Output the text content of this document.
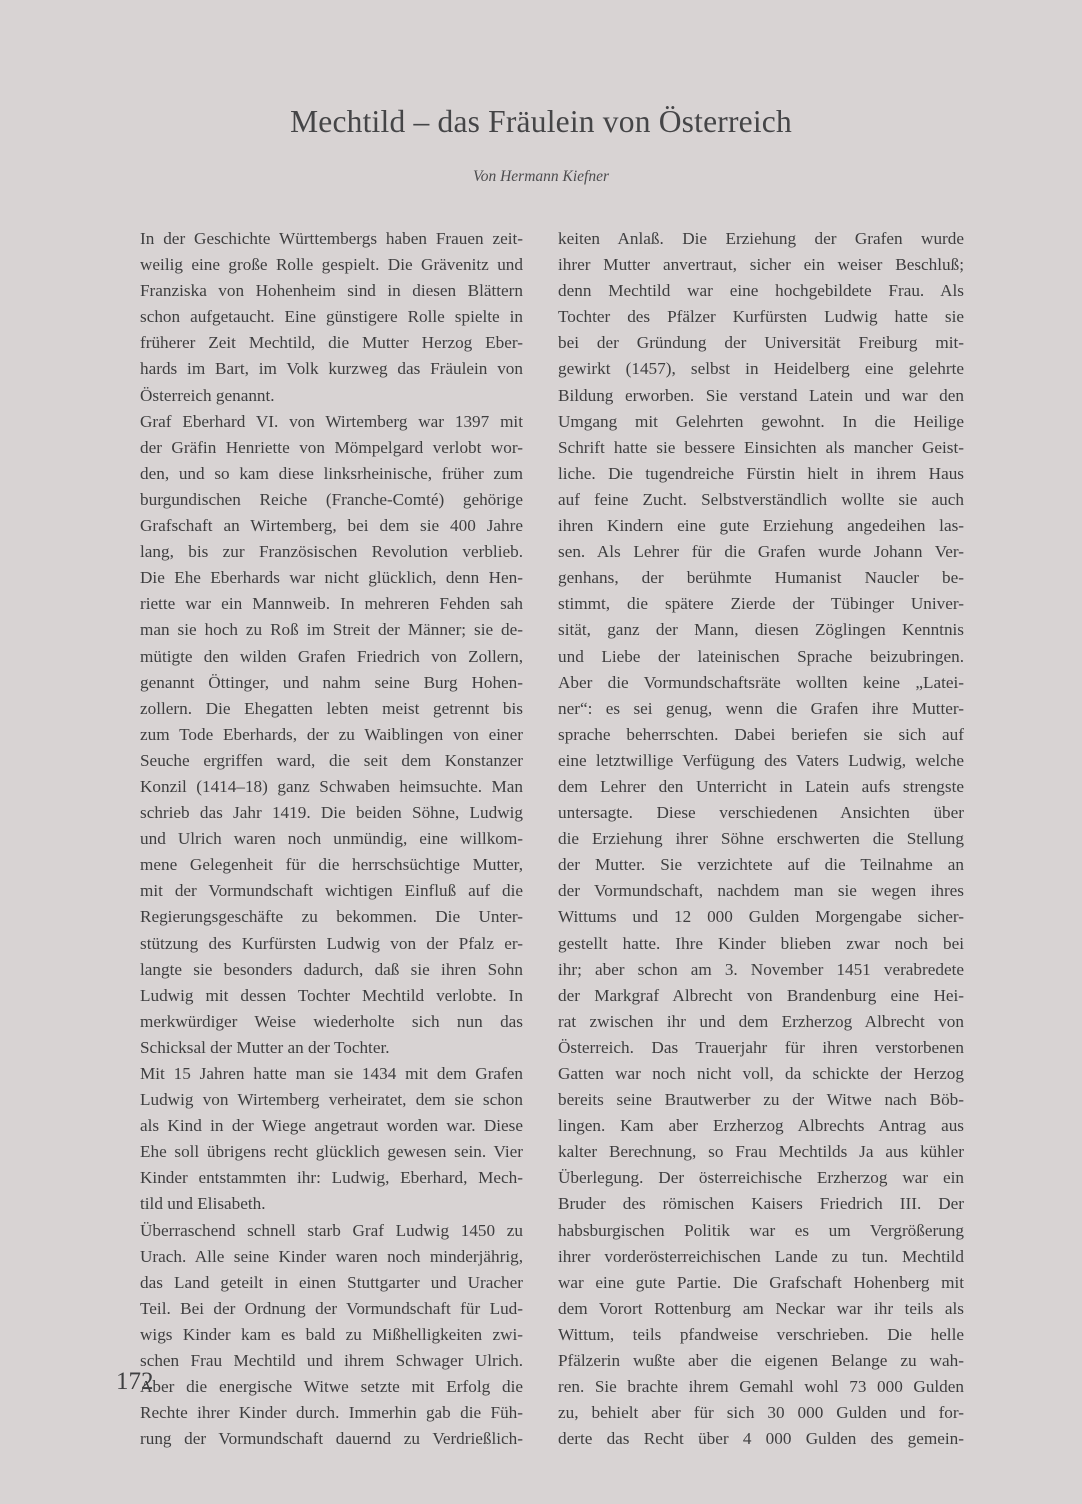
Mechtild – das Fräulein von Österreich
Von Hermann Kiefner
In der Geschichte Württembergs haben Frauen zeit-
weilig eine große Rolle gespielt. Die Grävenitz und
Franziska von Hohenheim sind in diesen Blättern
schon aufgetaucht. Eine günstigere Rolle spielte in
früherer Zeit Mechtild, die Mutter Herzog Eber-
hards im Bart, im Volk kurzweg das Fräulein von
Österreich genannt.
Graf Eberhard VI. von Wirtemberg war 1397 mit
der Gräfin Henriette von Mömpelgard verlobt wor-
den, und so kam diese linksrheinische, früher zum
burgundischen Reiche (Franche-Comté) gehörige
Grafschaft an Wirtemberg, bei dem sie 400 Jahre
lang, bis zur Französischen Revolution verblieb.
Die Ehe Eberhards war nicht glücklich, denn Hen-
riette war ein Mannweib. In mehreren Fehden sah
man sie hoch zu Roß im Streit der Männer; sie de-
mütigte den wilden Grafen Friedrich von Zollern,
genannt Öttinger, und nahm seine Burg Hohen-
zollern. Die Ehegatten lebten meist getrennt bis
zum Tode Eberhards, der zu Waiblingen von einer
Seuche ergriffen ward, die seit dem Konstanzer
Konzil (1414–18) ganz Schwaben heimsuchte. Man
schrieb das Jahr 1419. Die beiden Söhne, Ludwig
und Ulrich waren noch unmündig, eine willkom-
mene Gelegenheit für die herrschsüchtige Mutter,
mit der Vormundschaft wichtigen Einfluß auf die
Regierungsgeschäfte zu bekommen. Die Unter-
stützung des Kurfürsten Ludwig von der Pfalz er-
langte sie besonders dadurch, daß sie ihren Sohn
Ludwig mit dessen Tochter Mechtild verlobte. In
merkwürdiger Weise wiederholte sich nun das
Schicksal der Mutter an der Tochter.
Mit 15 Jahren hatte man sie 1434 mit dem Grafen
Ludwig von Wirtemberg verheiratet, dem sie schon
als Kind in der Wiege angetraut worden war. Diese
Ehe soll übrigens recht glücklich gewesen sein. Vier
Kinder entstammten ihr: Ludwig, Eberhard, Mech-
tild und Elisabeth.
Überraschend schnell starb Graf Ludwig 1450 zu
Urach. Alle seine Kinder waren noch minderjährig,
das Land geteilt in einen Stuttgarter und Uracher
Teil. Bei der Ordnung der Vormundschaft für Lud-
wigs Kinder kam es bald zu Mißhelligkeiten zwi-
schen Frau Mechtild und ihrem Schwager Ulrich.
Aber die energische Witwe setzte mit Erfolg die
Rechte ihrer Kinder durch. Immerhin gab die Füh-
rung der Vormundschaft dauernd zu Verdrießlich-
keiten Anlaß. Die Erziehung der Grafen wurde
ihrer Mutter anvertraut, sicher ein weiser Beschluß;
denn Mechtild war eine hochgebildete Frau. Als
Tochter des Pfälzer Kurfürsten Ludwig hatte sie
bei der Gründung der Universität Freiburg mit-
gewirkt (1457), selbst in Heidelberg eine gelehrte
Bildung erworben. Sie verstand Latein und war den
Umgang mit Gelehrten gewohnt. In die Heilige
Schrift hatte sie bessere Einsichten als mancher Geist-
liche. Die tugendreiche Fürstin hielt in ihrem Haus
auf feine Zucht. Selbstverständlich wollte sie auch
ihren Kindern eine gute Erziehung angedeihen las-
sen. Als Lehrer für die Grafen wurde Johann Ver-
genhans, der berühmte Humanist Naucler be-
stimmt, die spätere Zierde der Tübinger Univer-
sität, ganz der Mann, diesen Zöglingen Kenntnis
und Liebe der lateinischen Sprache beizubringen.
Aber die Vormundschaftsräte wollten keine „Latei-
ner“: es sei genug, wenn die Grafen ihre Mutter-
sprache beherrschten. Dabei beriefen sie sich auf
eine letztwillige Verfügung des Vaters Ludwig, welche
dem Lehrer den Unterricht in Latein aufs strengste
untersagte. Diese verschiedenen Ansichten über
die Erziehung ihrer Söhne erschwerten die Stellung
der Mutter. Sie verzichtete auf die Teilnahme an
der Vormundschaft, nachdem man sie wegen ihres
Wittums und 12 000 Gulden Morgengabe sicher-
gestellt hatte. Ihre Kinder blieben zwar noch bei
ihr; aber schon am 3. November 1451 verabredete
der Markgraf Albrecht von Brandenburg eine Hei-
rat zwischen ihr und dem Erzherzog Albrecht von
Österreich. Das Trauerjahr für ihren verstorbenen
Gatten war noch nicht voll, da schickte der Herzog
bereits seine Brautwerber zu der Witwe nach Böb-
lingen. Kam aber Erzherzog Albrechts Antrag aus
kalter Berechnung, so Frau Mechtilds Ja aus kühler
Überlegung. Der österreichische Erzherzog war ein
Bruder des römischen Kaisers Friedrich III. Der
habsburgischen Politik war es um Vergrößerung
ihrer vorderösterreichischen Lande zu tun. Mechtild
war eine gute Partie. Die Grafschaft Hohenberg mit
dem Vorort Rottenburg am Neckar war ihr teils als
Wittum, teils pfandweise verschrieben. Die helle
Pfälzerin wußte aber die eigenen Belange zu wah-
ren. Sie brachte ihrem Gemahl wohl 73 000 Gulden
zu, behielt aber für sich 30 000 Gulden und for-
derte das Recht über 4 000 Gulden des gemein-
172
